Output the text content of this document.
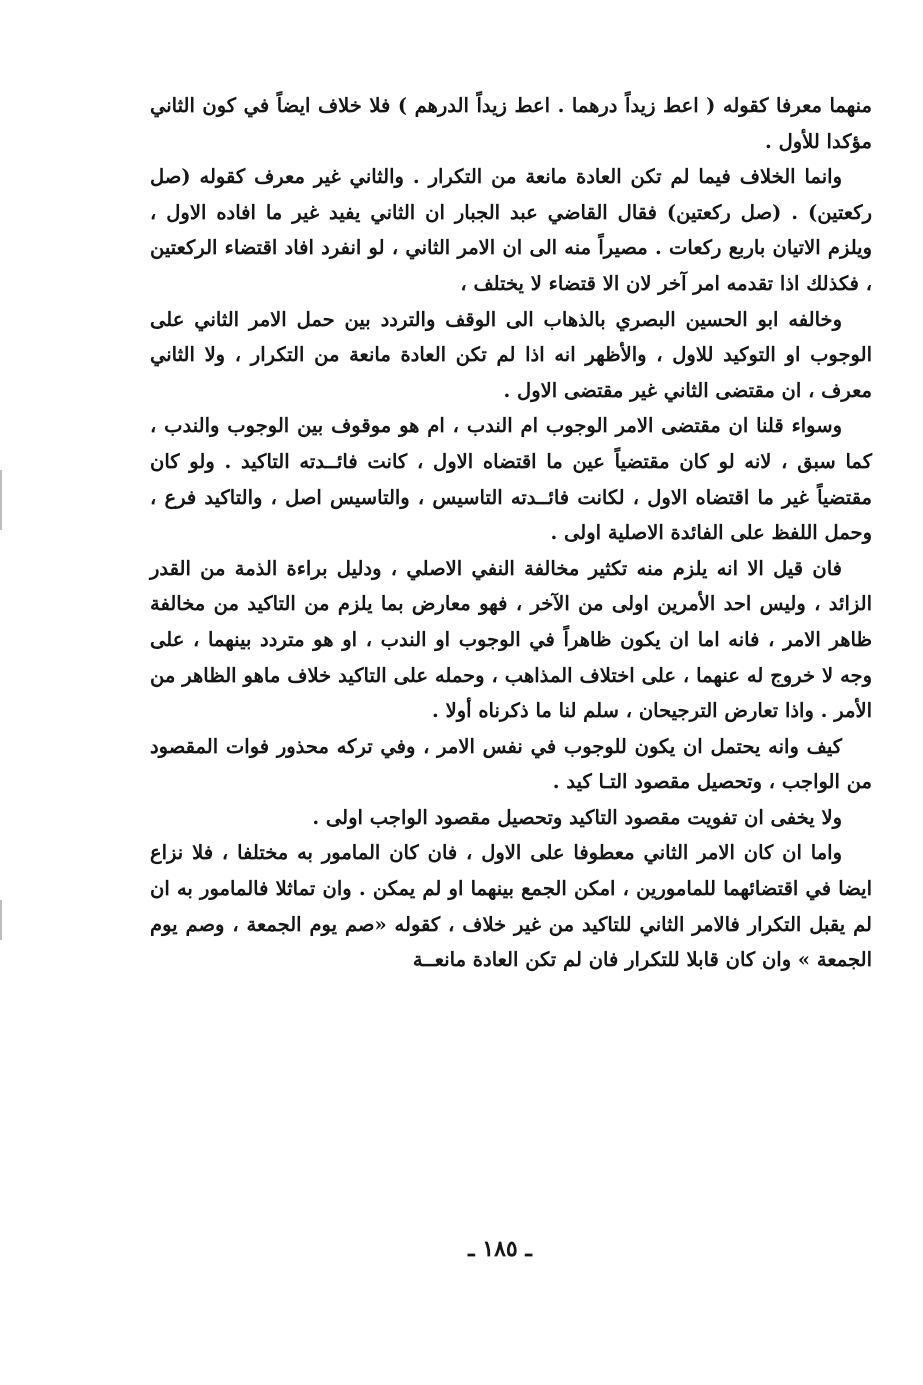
منهما معرفا كقوله ( اعط زيداً درهما . اعط زيداً الدرهم ) فلا خلاف ايضاً في كون الثاني مؤكدا للأول .

وانما الخلاف فيما لم تكن العادة مانعة من التكرار . والثاني غير معرف كقوله (صل ركعتين) . (صل ركعتين) فقال القاضي عبد الجبار ان الثاني يفيد غير ما افاده الاول ، ويلزم الاتيان باربع ركعات . مصيراً منه الى ان الامر الثاني ، لو انفرد افاد اقتضاء الركعتين ، فكذلك اذا تقدمه امر آخر لان الا قتضاء لا يختلف ،

وخالفه ابو الحسين البصري بالذهاب الى الوقف والتردد بين حمل الامر الثاني على الوجوب او التوكيد للاول ، والأظهر انه اذا لم تكن العادة مانعة من التكرار ، ولا الثاني معرف ، ان مقتضى الثاني غير مقتضى الاول .

وسواء قلنا ان مقتضى الامر الوجوب ام الندب ، ام هو موقوف بين الوجوب والندب ، كما سبق ، لانه لو كان مقتضياً عين ما اقتضاه الاول ، كانت فائــدته التاكيد . ولو كان مقتضياً غير ما اقتضاه الاول ، لكانت فائــدته التاسيس ، والتاسيس اصل ، والتاكيد فرع ، وحمل اللفظ على الفائدة الاصلية اولى .

فان قيل الا انه يلزم منه تكثير مخالفة النفي الاصلي ، ودليل براءة الذمة من القدر الزائد ، وليس احد الأمرين اولى من الآخر ، فهو معارض بما يلزم من التاكيد من مخالفة ظاهر الامر ، فانه اما ان يكون ظاهراً في الوجوب او الندب ، او هو متردد بينهما ، على وجه لا خروج له عنهما ، على اختلاف المذاهب ، وحمله على التاكيد خلاف ماهو الظاهر من الأمر . واذا تعارض الترجيحان ، سلم لنا ما ذكرناه أولا .

كيف وانه يحتمل ان يكون للوجوب في نفس الامر ، وفي تركه محذور فوات المقصود من الواجب ، وتحصيل مقصود التـا كيد .

ولا يخفى ان تفويت مقصود التاكيد وتحصيل مقصود الواجب اولى .

واما ان كان الامر الثاني معطوفا على الاول ، فان كان المامور به مختلفا ، فلا نزاع ايضا في اقتضائهما للمامورين ، امكن الجمع بينهما او لم يمكن . وان تماثلا فالمامور به ان لم يقبل التكرار فالامر الثاني للتاكيد من غير خلاف ، كقوله «صم يوم الجمعة ، وصم يوم الجمعة » وان كان قابلا للتكرار فان لم تكن العادة مانعــة

ـ ١٨٥ ـ
